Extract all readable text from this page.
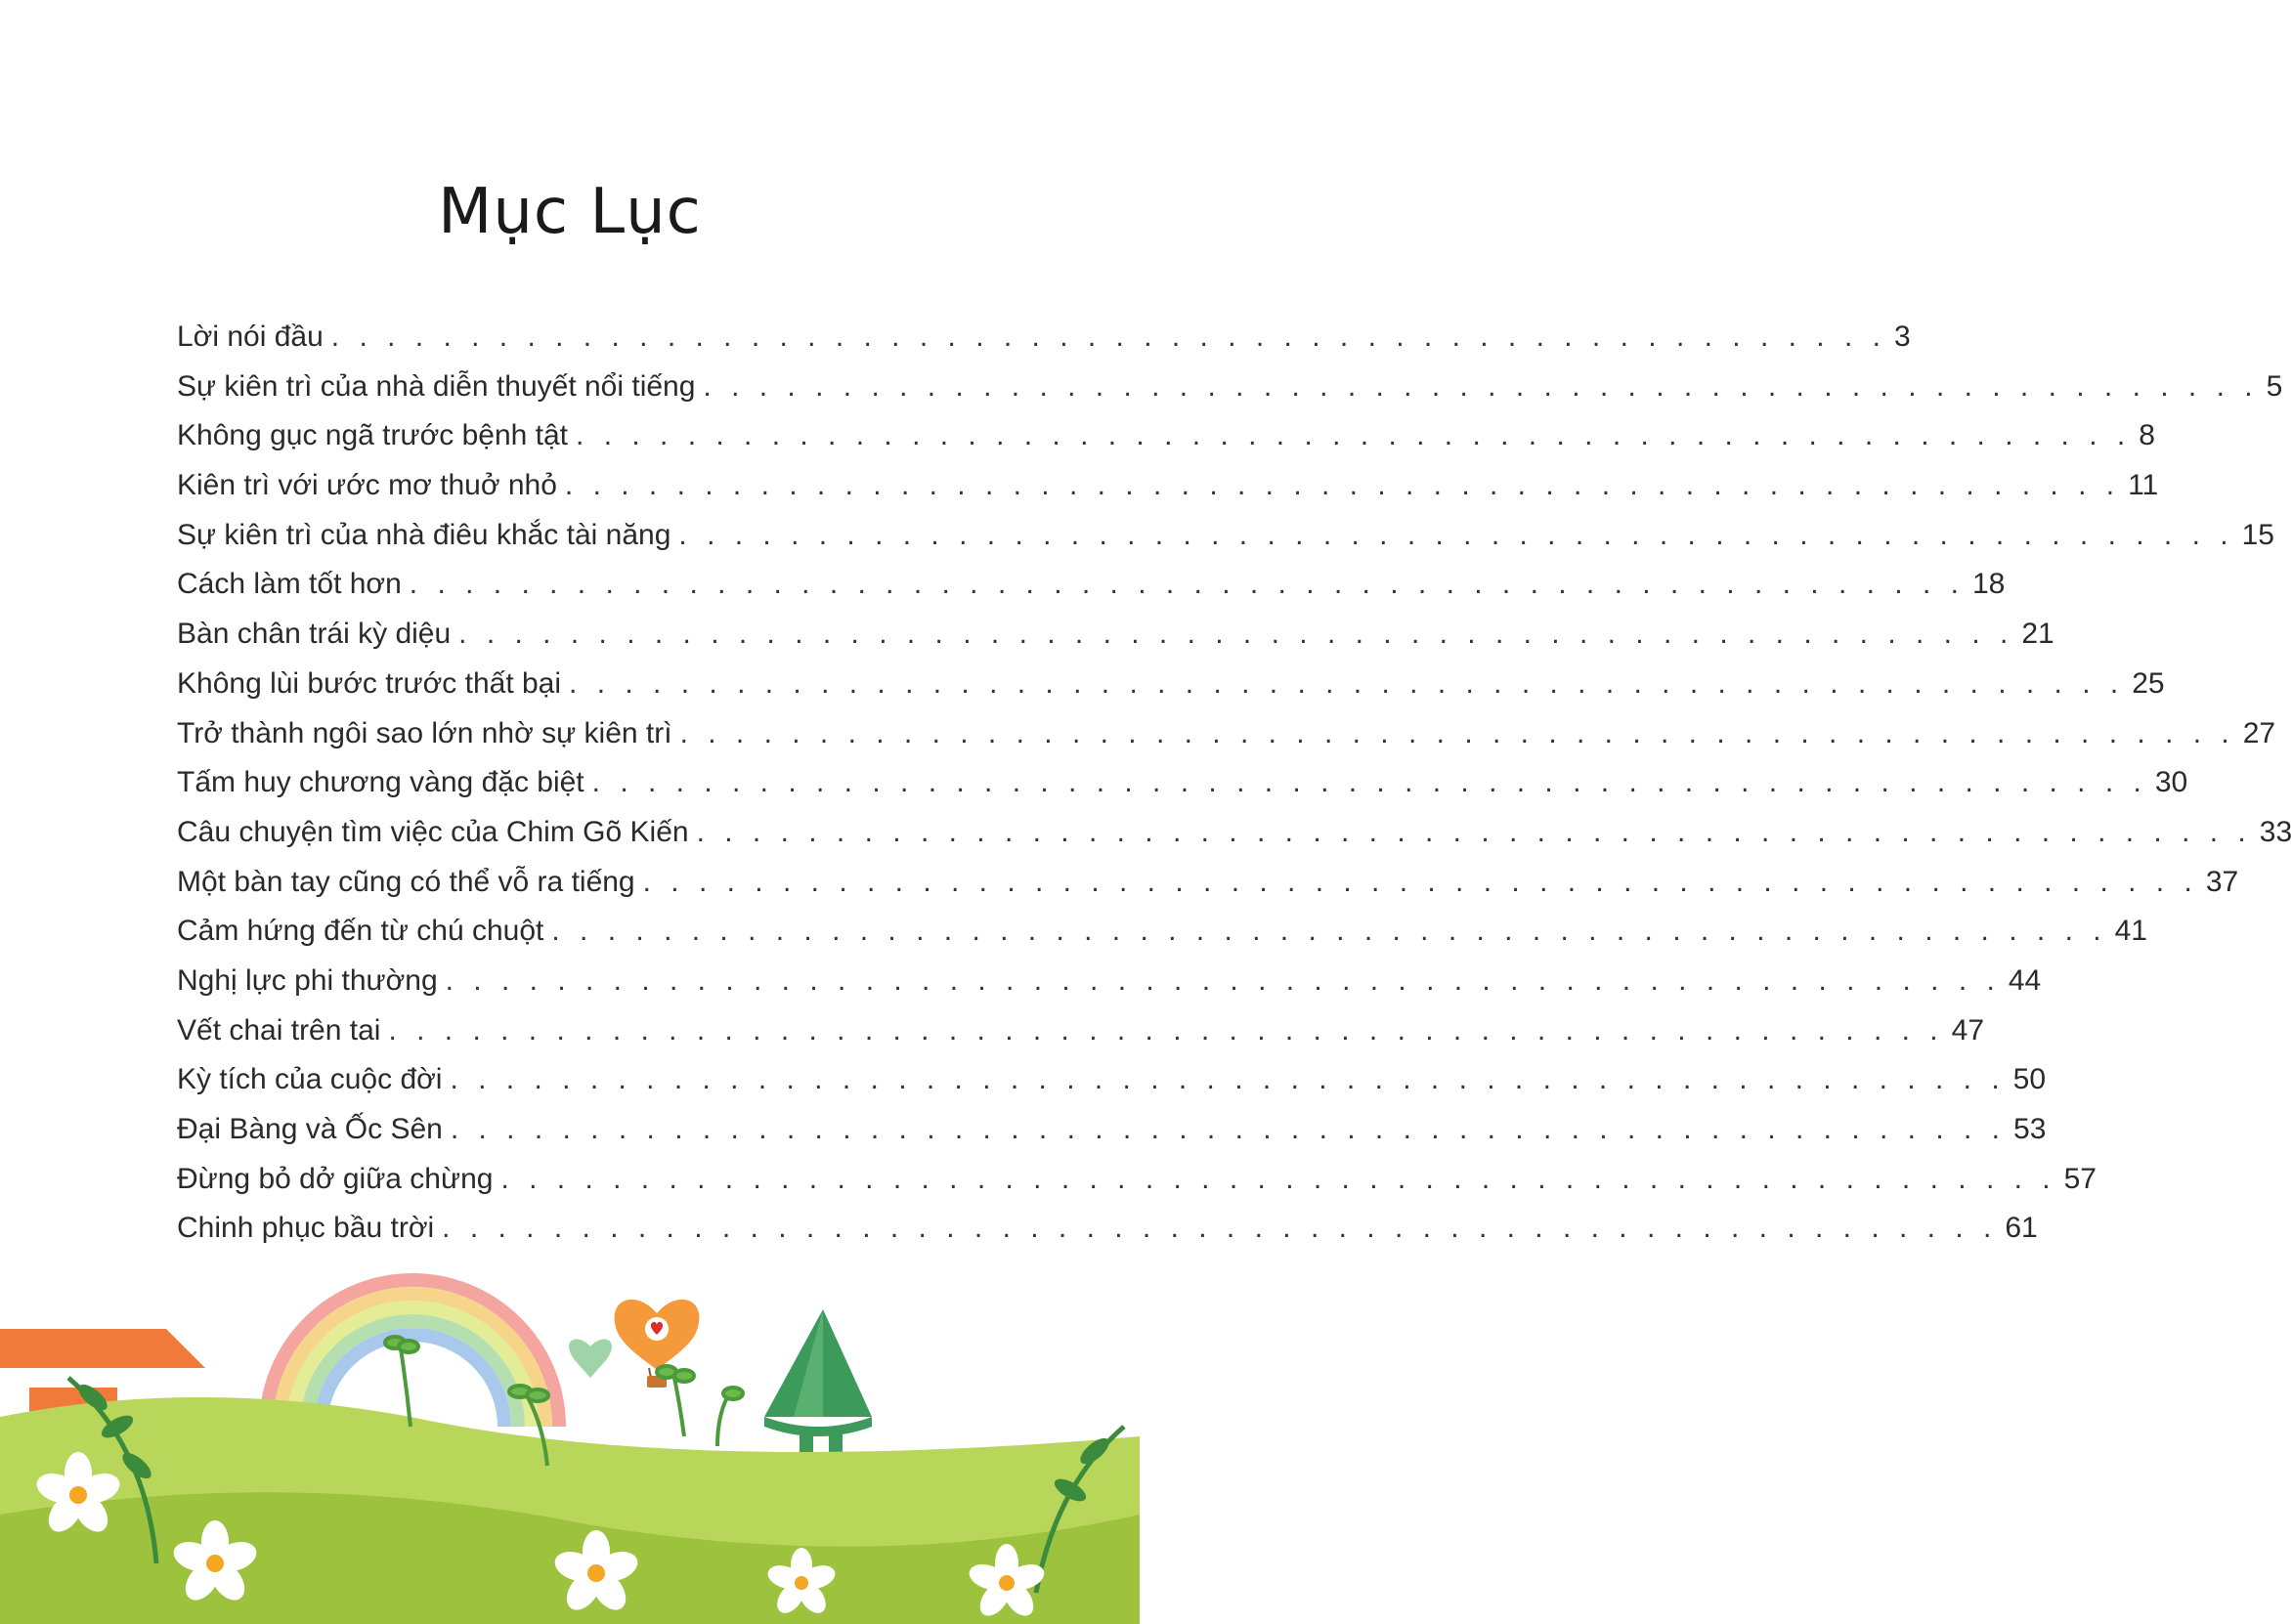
Mục Lục
Lời nói đầu . . . . . . . . . . . . . . . . . . . . . . . . . . . . . . . . . . . . . . . . . . . . . . . . . . . . . . . . 3
Sự kiên trì của nhà diễn thuyết nổi tiếng . . . . . . . . . . . . . . . . . . . . . . . . . . . . . . . . . . . . . . . . . . . . . . . . . . . . . . . . 5
Không gục ngã trước bệnh tật . . . . . . . . . . . . . . . . . . . . . . . . . . . . . . . . . . . . . . . . . . . . . . . . . . . . . . . . 8
Kiên trì với ước mơ thuở nhỏ . . . . . . . . . . . . . . . . . . . . . . . . . . . . . . . . . . . . . . . . . . . . . . . . . . . . . . . . 11
Sự kiên trì của nhà điêu khắc tài năng . . . . . . . . . . . . . . . . . . . . . . . . . . . . . . . . . . . . . . . . . . . . . . . . . . . . . . . . 15
Cách làm tốt hơn . . . . . . . . . . . . . . . . . . . . . . . . . . . . . . . . . . . . . . . . . . . . . . . . . . . . . . . . 18
Bàn chân trái kỳ diệu . . . . . . . . . . . . . . . . . . . . . . . . . . . . . . . . . . . . . . . . . . . . . . . . . . . . . . . . 21
Không lùi bước trước thất bại . . . . . . . . . . . . . . . . . . . . . . . . . . . . . . . . . . . . . . . . . . . . . . . . . . . . . . . . 25
Trở thành ngôi sao lớn nhờ sự kiên trì . . . . . . . . . . . . . . . . . . . . . . . . . . . . . . . . . . . . . . . . . . . . . . . . . . . . . . . . 27
Tấm huy chương vàng đặc biệt . . . . . . . . . . . . . . . . . . . . . . . . . . . . . . . . . . . . . . . . . . . . . . . . . . . . . . . . 30
Câu chuyện tìm việc của Chim Gõ Kiến . . . . . . . . . . . . . . . . . . . . . . . . . . . . . . . . . . . . . . . . . . . . . . . . . . . . . . . . 33
Một bàn tay cũng có thể vỗ ra tiếng . . . . . . . . . . . . . . . . . . . . . . . . . . . . . . . . . . . . . . . . . . . . . . . . . . . . . . . . 37
Cảm hứng đến từ chú chuột . . . . . . . . . . . . . . . . . . . . . . . . . . . . . . . . . . . . . . . . . . . . . . . . . . . . . . . . 41
Nghị lực phi thường . . . . . . . . . . . . . . . . . . . . . . . . . . . . . . . . . . . . . . . . . . . . . . . . . . . . . . . . 44
Vết chai trên tai . . . . . . . . . . . . . . . . . . . . . . . . . . . . . . . . . . . . . . . . . . . . . . . . . . . . . . . . 47
Kỳ tích của cuộc đời . . . . . . . . . . . . . . . . . . . . . . . . . . . . . . . . . . . . . . . . . . . . . . . . . . . . . . . . 50
Đại Bàng và Ốc Sên . . . . . . . . . . . . . . . . . . . . . . . . . . . . . . . . . . . . . . . . . . . . . . . . . . . . . . . . 53
Đừng bỏ dở giữa chừng . . . . . . . . . . . . . . . . . . . . . . . . . . . . . . . . . . . . . . . . . . . . . . . . . . . . . . . . 57
Chinh phục bầu trời . . . . . . . . . . . . . . . . . . . . . . . . . . . . . . . . . . . . . . . . . . . . . . . . . . . . . . . . 61
